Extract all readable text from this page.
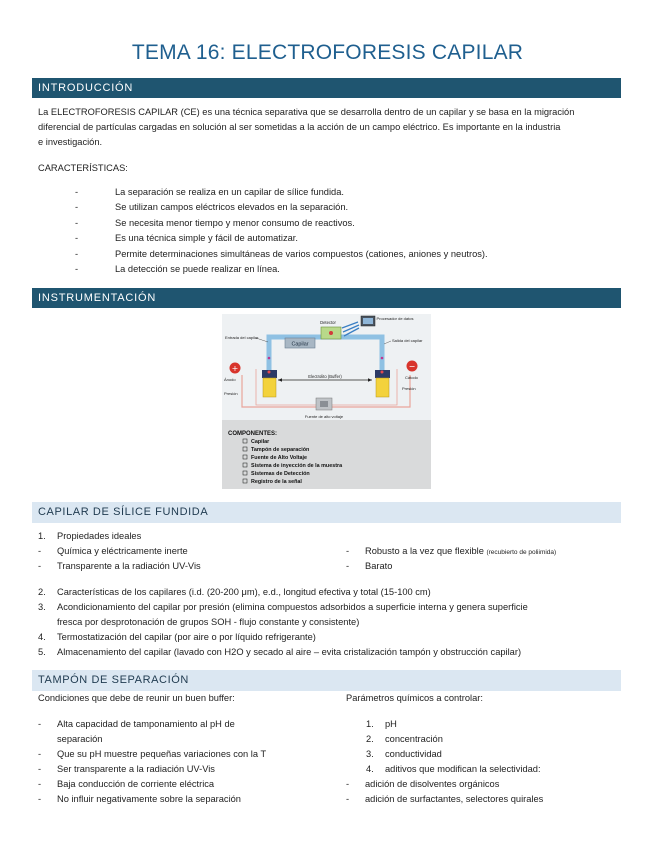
TEMA 16: ELECTROFORESIS CAPILAR
INTRODUCCIÓN
La ELECTROFORESIS CAPILAR (CE) es una técnica separativa que se desarrolla dentro de un capilar y se basa en la migración
diferencial de partículas cargadas en solución al ser sometidas a la acción de un campo eléctrico. Es importante en la industria
e investigación.
CARACTERÍSTICAS:
-	La separación se realiza en un capilar de sílice fundida.
-	Se utilizan campos eléctricos elevados en la separación.
-	Se necesita menor tiempo y menor consumo de reactivos.
-	Es una técnica simple y fácil de automatizar.
-	Permite determinaciones simultáneas de varios compuestos (cationes, aniones y neutros).
-	La detección se puede realizar en línea.
INSTRUMENTACIÓN
Capilar
Detector
Procesador de datos
Entrada del capilar
Salida del capilar
Electrolito (Buffer)
+
Ánodo
−
Cátodo
Presión
Presión
Fuente de alto voltaje
COMPONENTES:
Capilar
Tampón de separación
Fuente de Alto Voltaje
Sistema de inyección de la muestra
Sistemas de Detección
Registro de la señal
CAPILAR DE SÍLICE FUNDIDA
1. Propiedades ideales
- Química y eléctricamente inerte
- Transparente a la radiación UV-Vis
- Robusto a la vez que flexible (recubierto de poliimida)
- Barato
2. Características de los capilares (i.d. (20-200 μm), e.d., longitud efectiva y total (15-100 cm)
3. Acondicionamiento del capilar por presión (elimina compuestos adsorbidos a superficie interna y genera superficie
fresca por desprotonación de grupos SOH - flujo constante y consistente)
4. Termostatización del capilar (por aire o por líquido refrigerante)
5. Almacenamiento del capilar (lavado con H2O y secado al aire – evita cristalización tampón y obstrucción capilar)
TAMPÓN DE SEPARACIÓN
Condiciones que debe de reunir un buen buffer:	Parámetros químicos a controlar:
- Alta capacidad de tamponamiento al pH de
separación
- Que su pH muestre pequeñas variaciones con la T
- Ser transparente a la radiación UV-Vis
- Baja conducción de corriente eléctrica
- No influir negativamente sobre la separación
1. pH
2. concentración
3. conductividad
4. aditivos que modifican la selectividad:
- adición de disolventes orgánicos
- adición de surfactantes, selectores quirales
